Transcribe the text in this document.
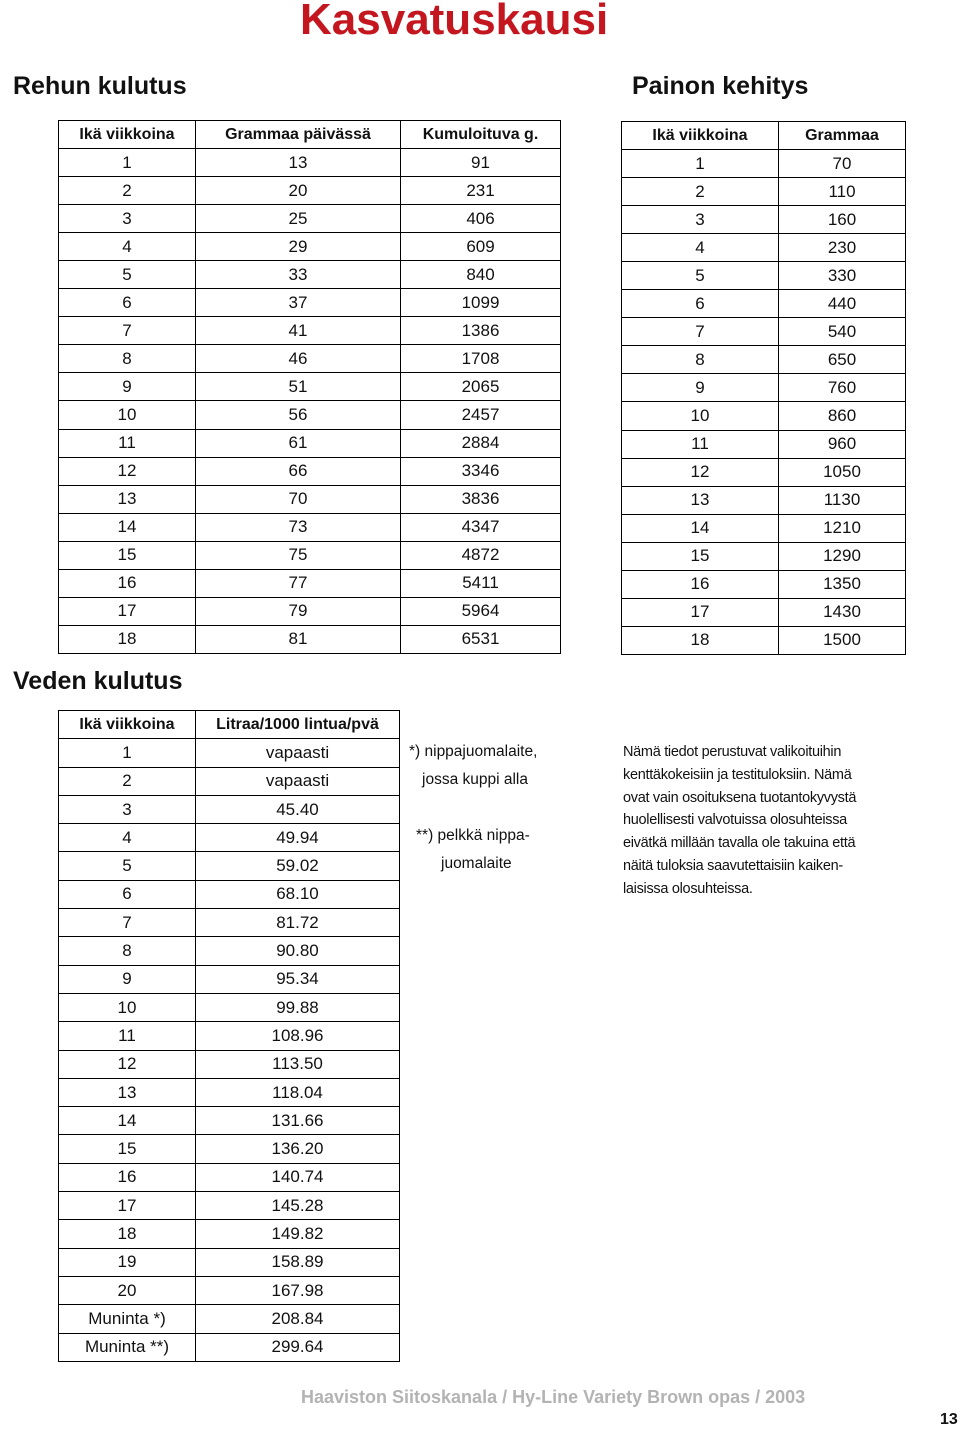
Kasvatuskausi
Rehun kulutus	Painon kehitys
Veden kulutus
Ikä viikkoina	Grammaa päivässä	Kumuloituva g.
1	13	91
2	20	231
3	25	406
4	29	609
5	33	840
6	37	1099
7	41	1386
8	46	1708
9	51	2065
10	56	2457
11	61	2884
12	66	3346
13	70	3836
14	73	4347
15	75	4872
16	77	5411
17	79	5964
18	81	6531
Ikä viikkoina	Grammaa
1	70
2	110
3	160
4	230
5	330
6	440
7	540
8	650
9	760
10	860
11	960
12	1050
13	1130
14	1210
15	1290
16	1350
17	1430
18	1500
Ikä viikkoina	Litraa/1000 lintua/pvä
1	vapaasti
2	vapaasti
3	45.40
4	49.94
5	59.02
6	68.10
7	81.72
8	90.80
9	95.34
10	99.88
11	108.96
12	113.50
13	118.04
14	131.66
15	136.20
16	140.74
17	145.28
18	149.82
19	158.89
20	167.98
Muninta *)	208.84
Muninta **)	299.64
*) nippajuomalaite,
jossa kuppi alla
**) pelkkä nippa-
juomalaite
Nämä tiedot perustuvat valikoituihin
kenttäkokeisiin ja testituloksiin. Nämä
ovat vain osoituksena tuotantokyvystä
huolellisesti valvotuissa olosuhteissa
eivätkä millään tavalla ole takuina että
näitä tuloksia saavutettaisiin kaiken-
laisissa olosuhteissa.
Haaviston Siitoskanala / Hy-Line Variety Brown opas / 2003
13
